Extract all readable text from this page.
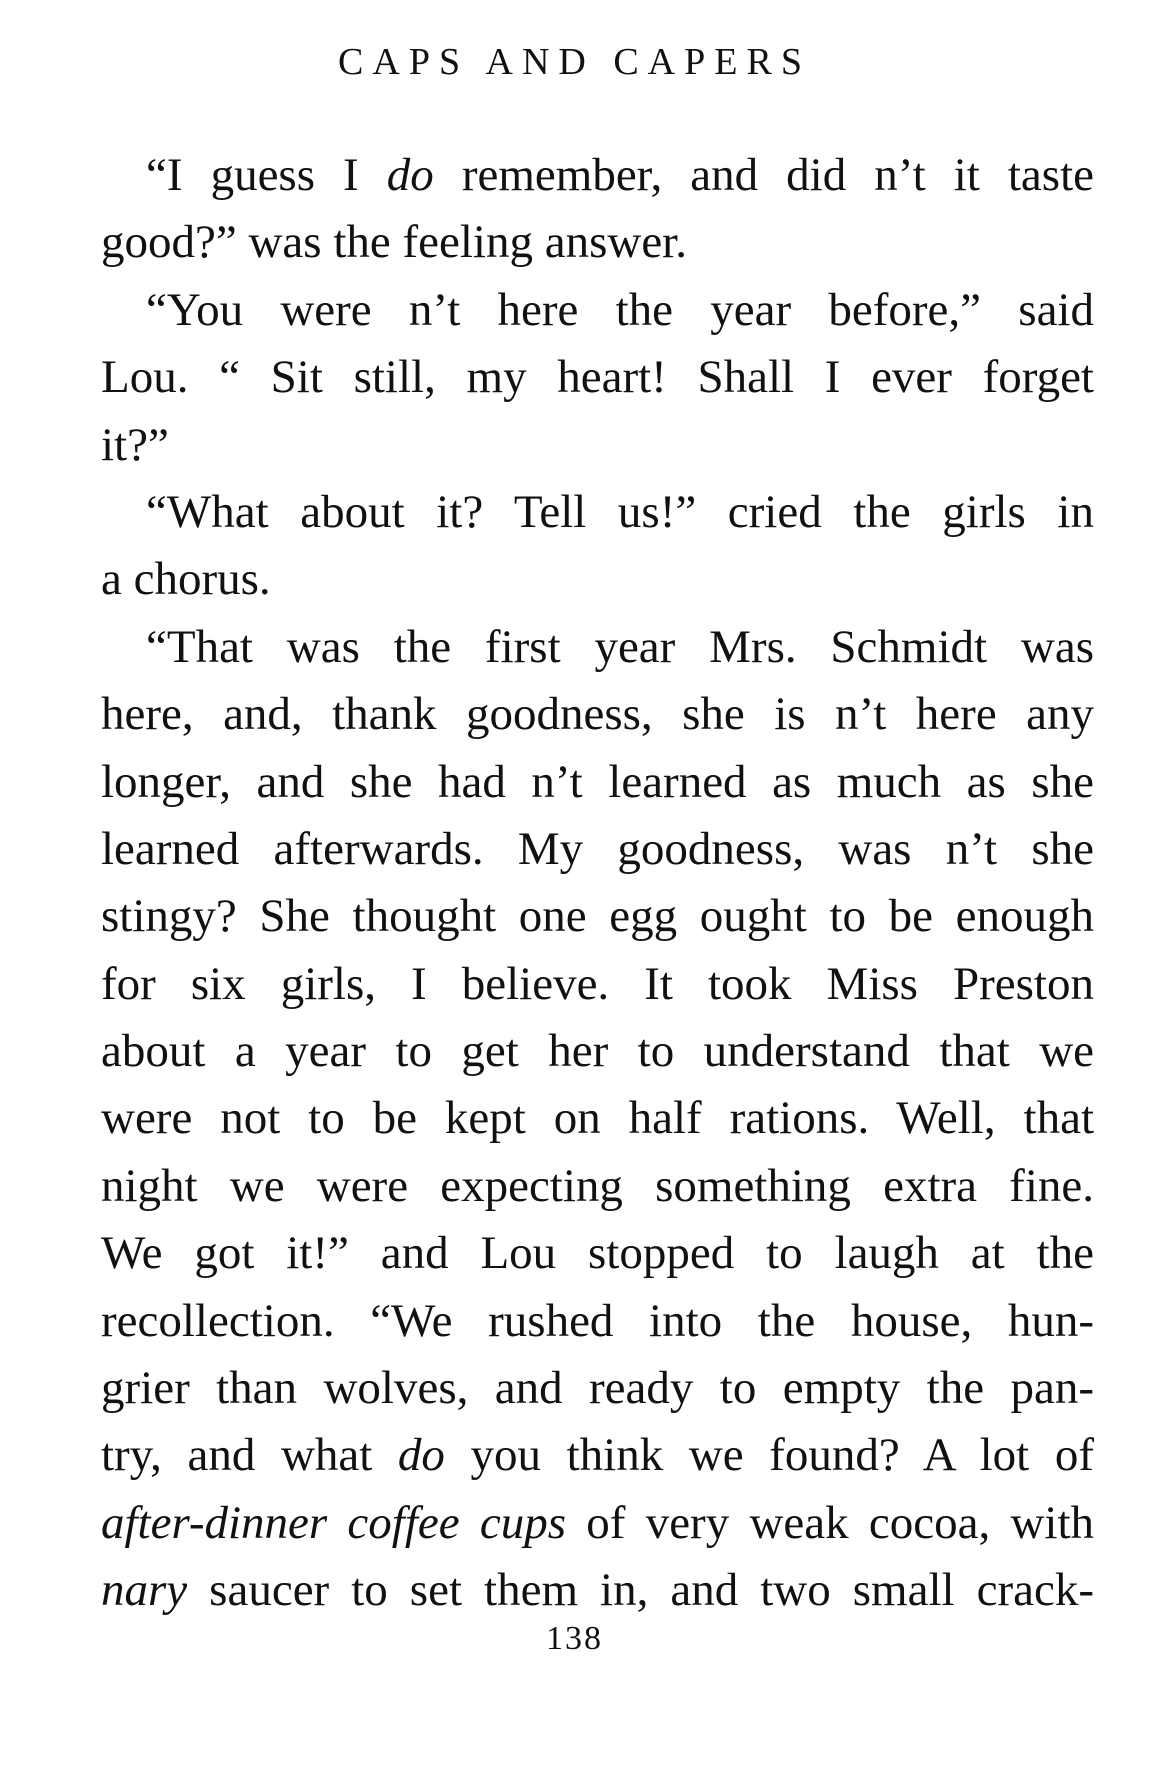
CAPS AND CAPERS
“I guess I do remember, and did n’t it taste
good?” was the feeling answer.
“You were n’t here the year before,” said
Lou. “ Sit still, my heart! Shall I ever forget
it?”
“What about it? Tell us!” cried the girls in
a chorus.
“That was the first year Mrs. Schmidt was
here, and, thank goodness, she is n’t here any
longer, and she had n’t learned as much as she
learned afterwards. My goodness, was n’t she
stingy? She thought one egg ought to be enough
for six girls, I believe. It took Miss Preston
about a year to get her to understand that we
were not to be kept on half rations. Well, that
night we were expecting something extra fine.
We got it!” and Lou stopped to laugh at the
recollection. “We rushed into the house, hun-
grier than wolves, and ready to empty the pan-
try, and what do you think we found? A lot of
after-dinner coffee cups of very weak cocoa, with
nary saucer to set them in, and two small crack-
138
